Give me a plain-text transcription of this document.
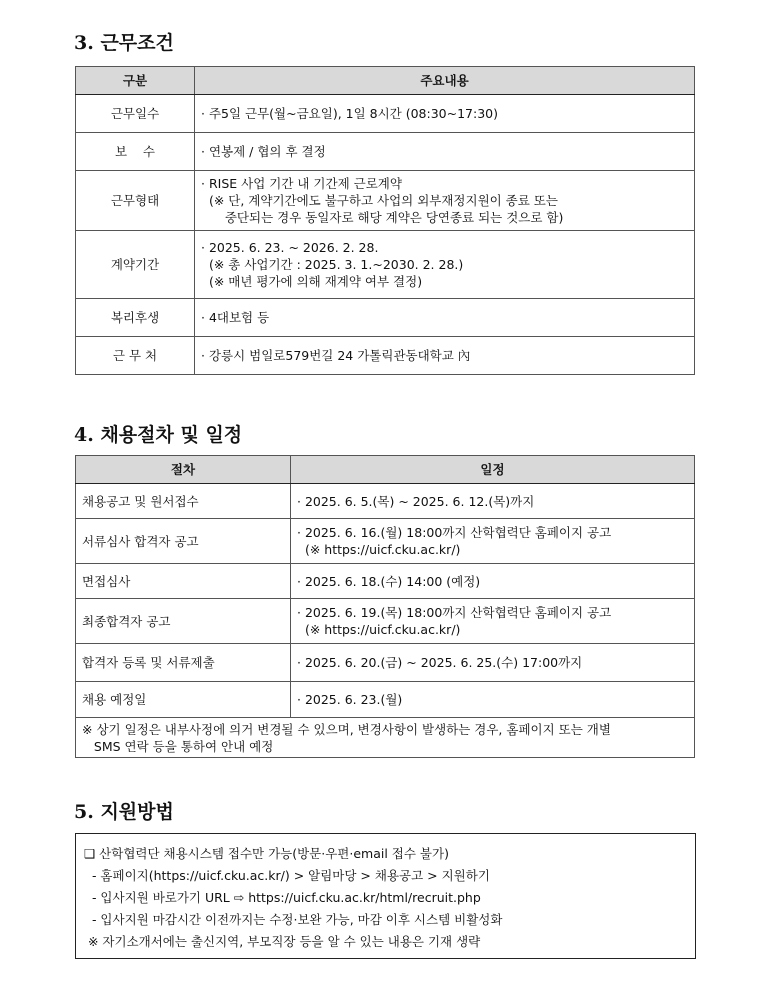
3. 근무조건
구분	주요내용
근무일수	· 주5일 근무(월~금요일), 1일 8시간 (08:30~17:30)

보    수	· 연봉제 / 협의 후 결정

근무형태	· RISE 사업 기간 내 기간제 근로계약
(※ 단, 계약기간에도 불구하고 사업의 외부재정지원이 종료 또는
중단되는 경우 동일자로 해당 계약은 당연종료 되는 것으로 함)

계약기간	· 2025. 6. 23. ~ 2026. 2. 28.
(※ 총 사업기간 : 2025. 3. 1.~2030. 2. 28.)
(※ 매년 평가에 의해 재계약 여부 결정)

복리후생	· 4대보험 등

근 무 처	· 강릉시 범일로579번길 24 가톨릭관동대학교 內
4. 채용절차 및 일정
절차	일정
채용공고 및 원서접수	· 2025. 6. 5.(목) ~ 2025. 6. 12.(목)까지

서류심사 합격자 공고	· 2025. 6. 16.(월) 18:00까지 산학협력단 홈페이지 공고
(※ https://uicf.cku.ac.kr/)

면접심사	· 2025. 6. 18.(수) 14:00 (예정)

최종합격자 공고	· 2025. 6. 19.(목) 18:00까지 산학협력단 홈페이지 공고
(※ https://uicf.cku.ac.kr/)

합격자 등록 및 서류제출	· 2025. 6. 20.(금) ~ 2025. 6. 25.(수) 17:00까지

채용 예정일	· 2025. 6. 23.(월)

※ 상기 일정은 내부사정에 의거 변경될 수 있으며, 변경사항이 발생하는 경우, 홈페이지 또는 개별
SMS 연락 등을 통하여 안내 예정	
5. 지원방법
❑ 산학협력단 채용시스템 접수만 가능(방문·우편·email 접수 불가)
- 홈페이지(https://uicf.cku.ac.kr/) > 알림마당 > 채용공고 > 지원하기
- 입사지원 바로가기 URL ⇨ https://uicf.cku.ac.kr/html/recruit.php
- 입사지원 마감시간 이전까지는 수정·보완 가능, 마감 이후 시스템 비활성화
※ 자기소개서에는 출신지역, 부모직장 등을 알 수 있는 내용은 기재 생략
